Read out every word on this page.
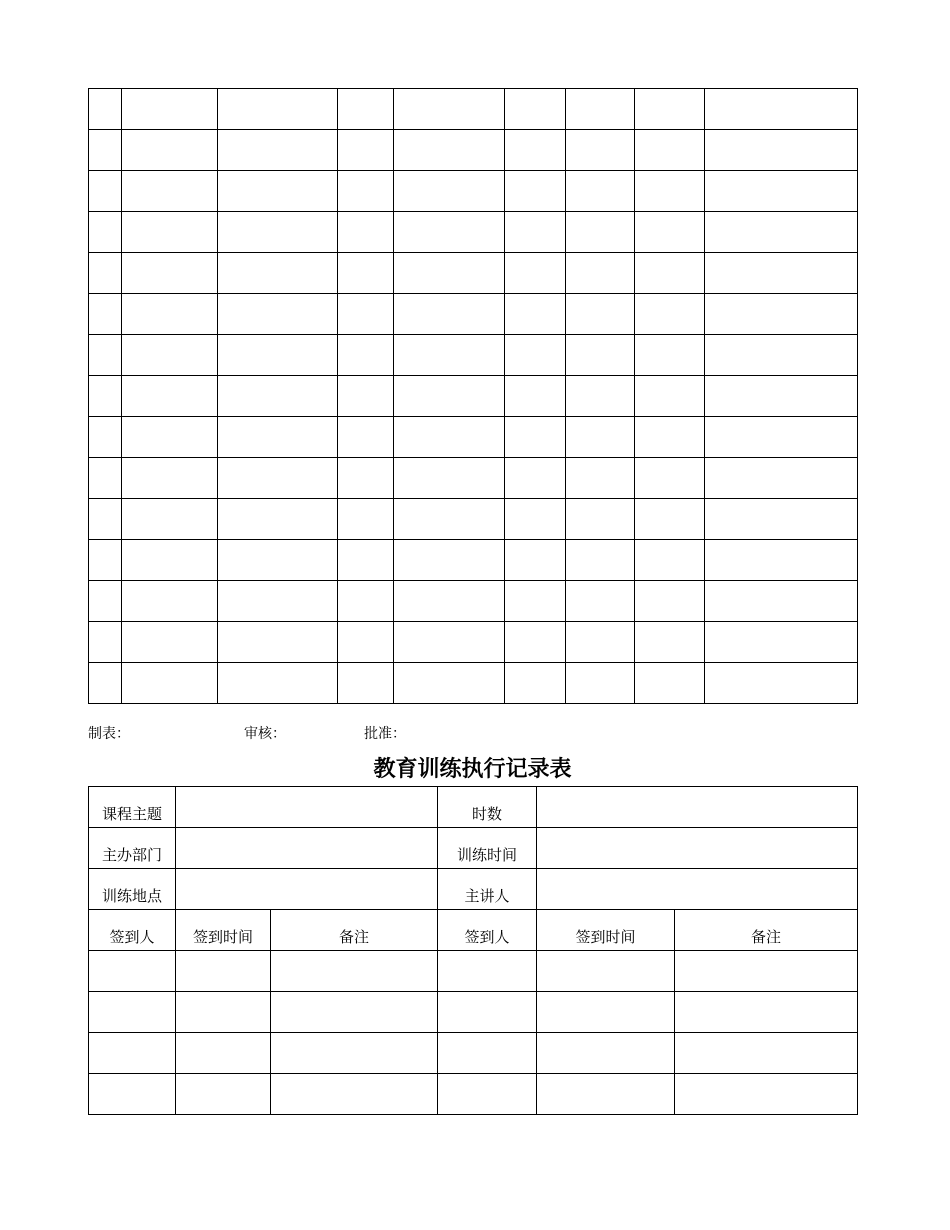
制表：	审核：	批准：
教育训练执行记录表
课程主题			时数		
主办部门			训练时间		
训练地点			主讲人		
签到人	签到时间	备注	签到人	签到时间	备注
